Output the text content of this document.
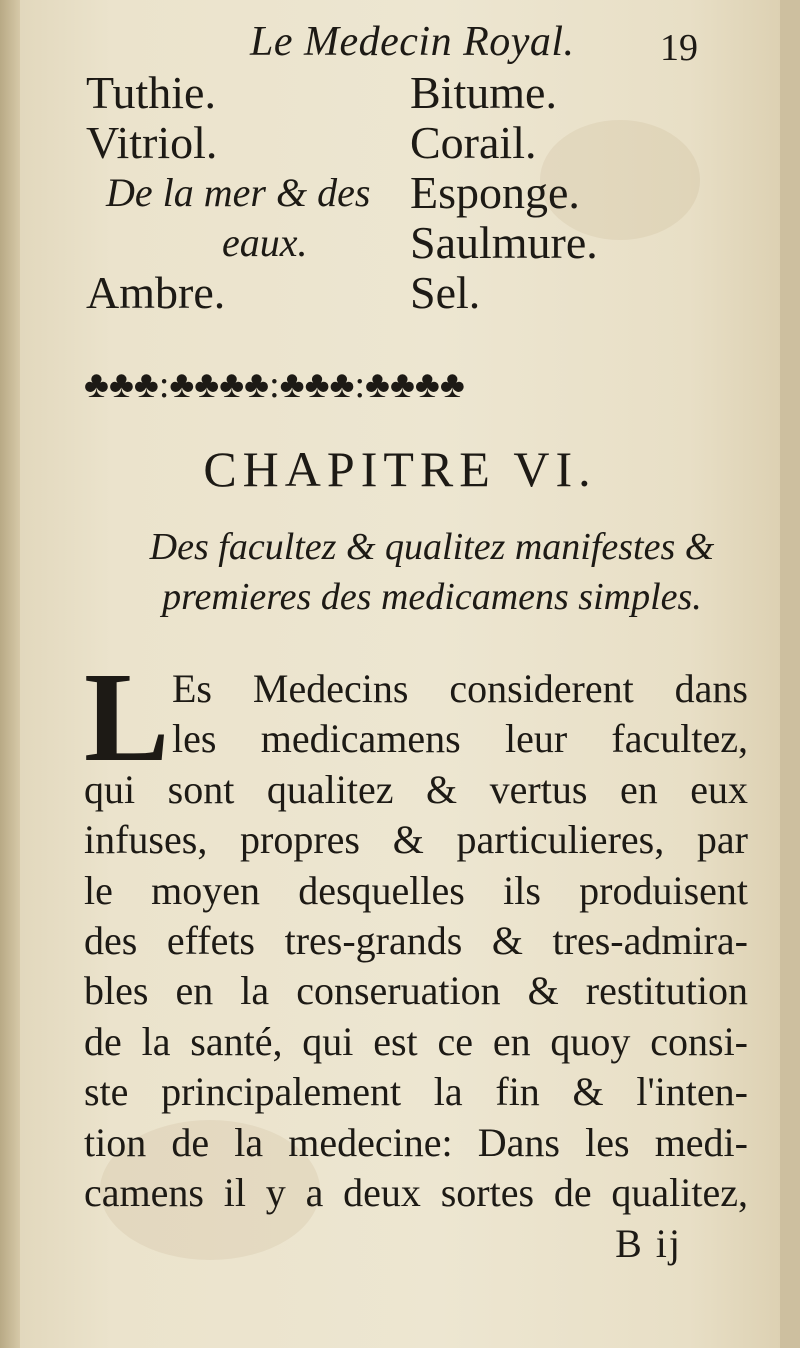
Le Medecin Royal. 19
Tuthie.
Vitriol.
De la mer & des
eaux.
Ambre.
Bitume.
Corail.
Esponge.
Saulmure.
Sel.
♣♣♣:♣♣♣♣:♣♣♣:♣♣♣♣
CHAPITRE VI.
Des facultez & qualitez manifestes &
premieres des medicamens simples.
L Es Medecins considerent dans
les medicamens leur facultez,
qui sont qualitez & vertus en eux
infuses, propres & particulieres, par
le moyen desquelles ils produisent
des effets tres-grands & tres-admira-
bles en la conseruation & restitution
de la santé, qui est ce en quoy consi-
ste principalement la fin & l'inten-
tion de la medecine: Dans les medi-
camens il y a deux sortes de qualitez,
B ij
